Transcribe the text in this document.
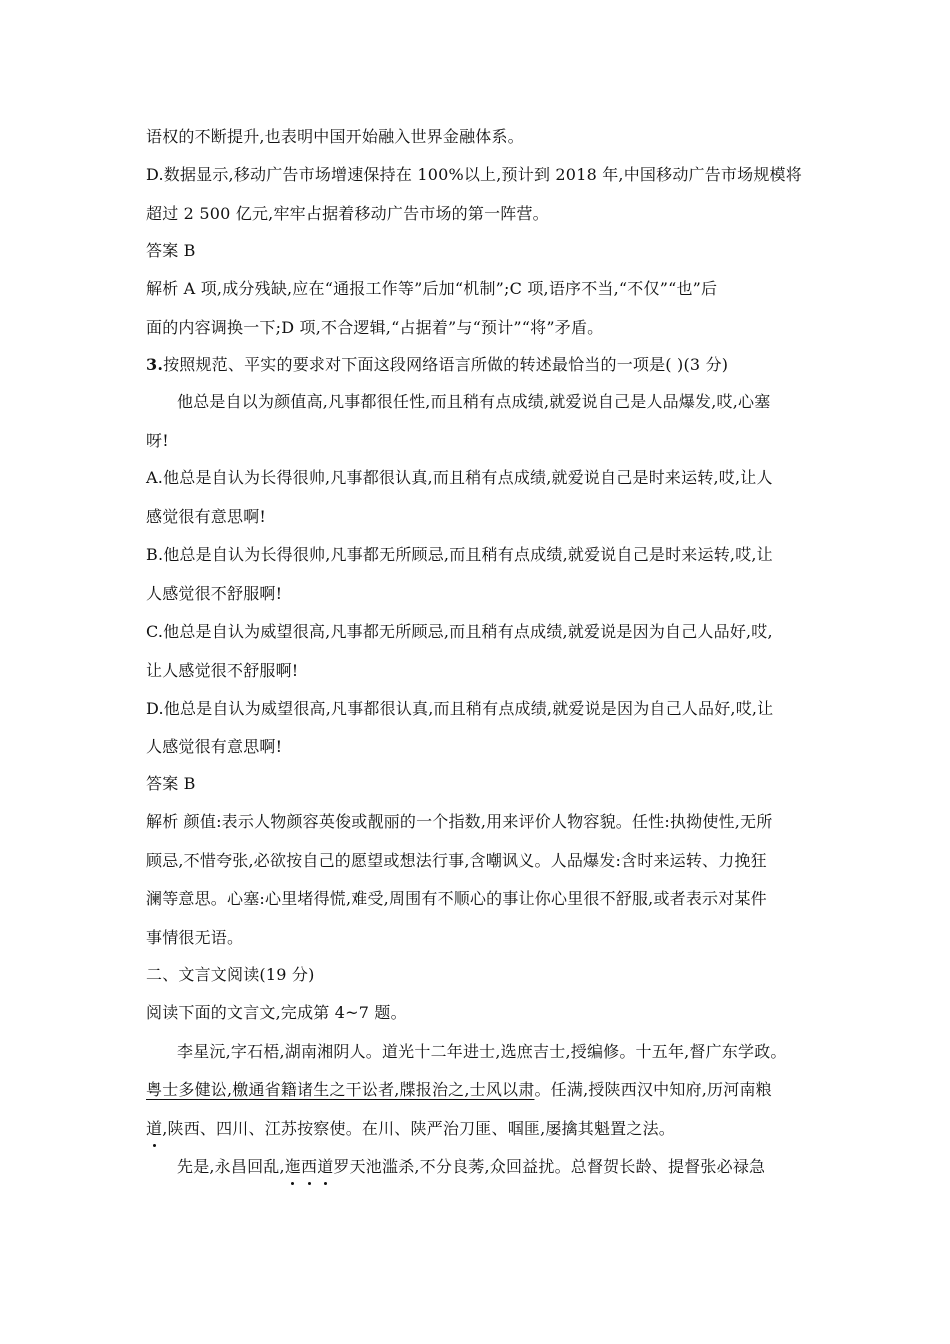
语权的不断提升,也表明中国开始融入世界金融体系。
D.数据显示,移动广告市场增速保持在 100%以上,预计到 2018 年,中国移动广告市场规模将
超过 2 500 亿元,牢牢占据着移动广告市场的第一阵营。
答案 B
解析 A 项,成分残缺,应在“通报工作等”后加“机制”;C 项,语序不当,“不仅”“也”后
面的内容调换一下;D 项,不合逻辑,“占据着”与“预计”“将”矛盾。
3.按照规范、平实的要求对下面这段网络语言所做的转述最恰当的一项是( )(3 分)
他总是自以为颜值高,凡事都很任性,而且稍有点成绩,就爱说自己是人品爆发,哎,心塞
呀!
A.他总是自认为长得很帅,凡事都很认真,而且稍有点成绩,就爱说自己是时来运转,哎,让人
感觉很有意思啊!
B.他总是自认为长得很帅,凡事都无所顾忌,而且稍有点成绩,就爱说自己是时来运转,哎,让
人感觉很不舒服啊!
C.他总是自认为威望很高,凡事都无所顾忌,而且稍有点成绩,就爱说是因为自己人品好,哎,
让人感觉很不舒服啊!
D.他总是自认为威望很高,凡事都很认真,而且稍有点成绩,就爱说是因为自己人品好,哎,让
人感觉很有意思啊!
答案 B
解析 颜值:表示人物颜容英俊或靓丽的一个指数,用来评价人物容貌。任性:执拗使性,无所
顾忌,不惜夸张,必欲按自己的愿望或想法行事,含嘲讽义。人品爆发:含时来运转、力挽狂
澜等意思。心塞:心里堵得慌,难受,周围有不顺心的事让你心里很不舒服,或者表示对某件
事情很无语。
二、文言文阅读(19 分)
阅读下面的文言文,完成第 4~7 题。
李星沅,字石梧,湖南湘阴人。道光十二年进士,选庶吉士,授编修。十五年,督广东学政。
粤士多健讼,檄通省籍诸生之干讼者,牒报治之,士风以肃。任满,授陕西汉中知府,历河南粮
道,陕西、四川、江苏按察使。在川、陕严治刀匪、啯匪,屡擒其魁置之法。
先是,永昌回乱,迤西道罗天池滥杀,不分良莠,众回益扰。总督贺长龄、提督张必禄急
